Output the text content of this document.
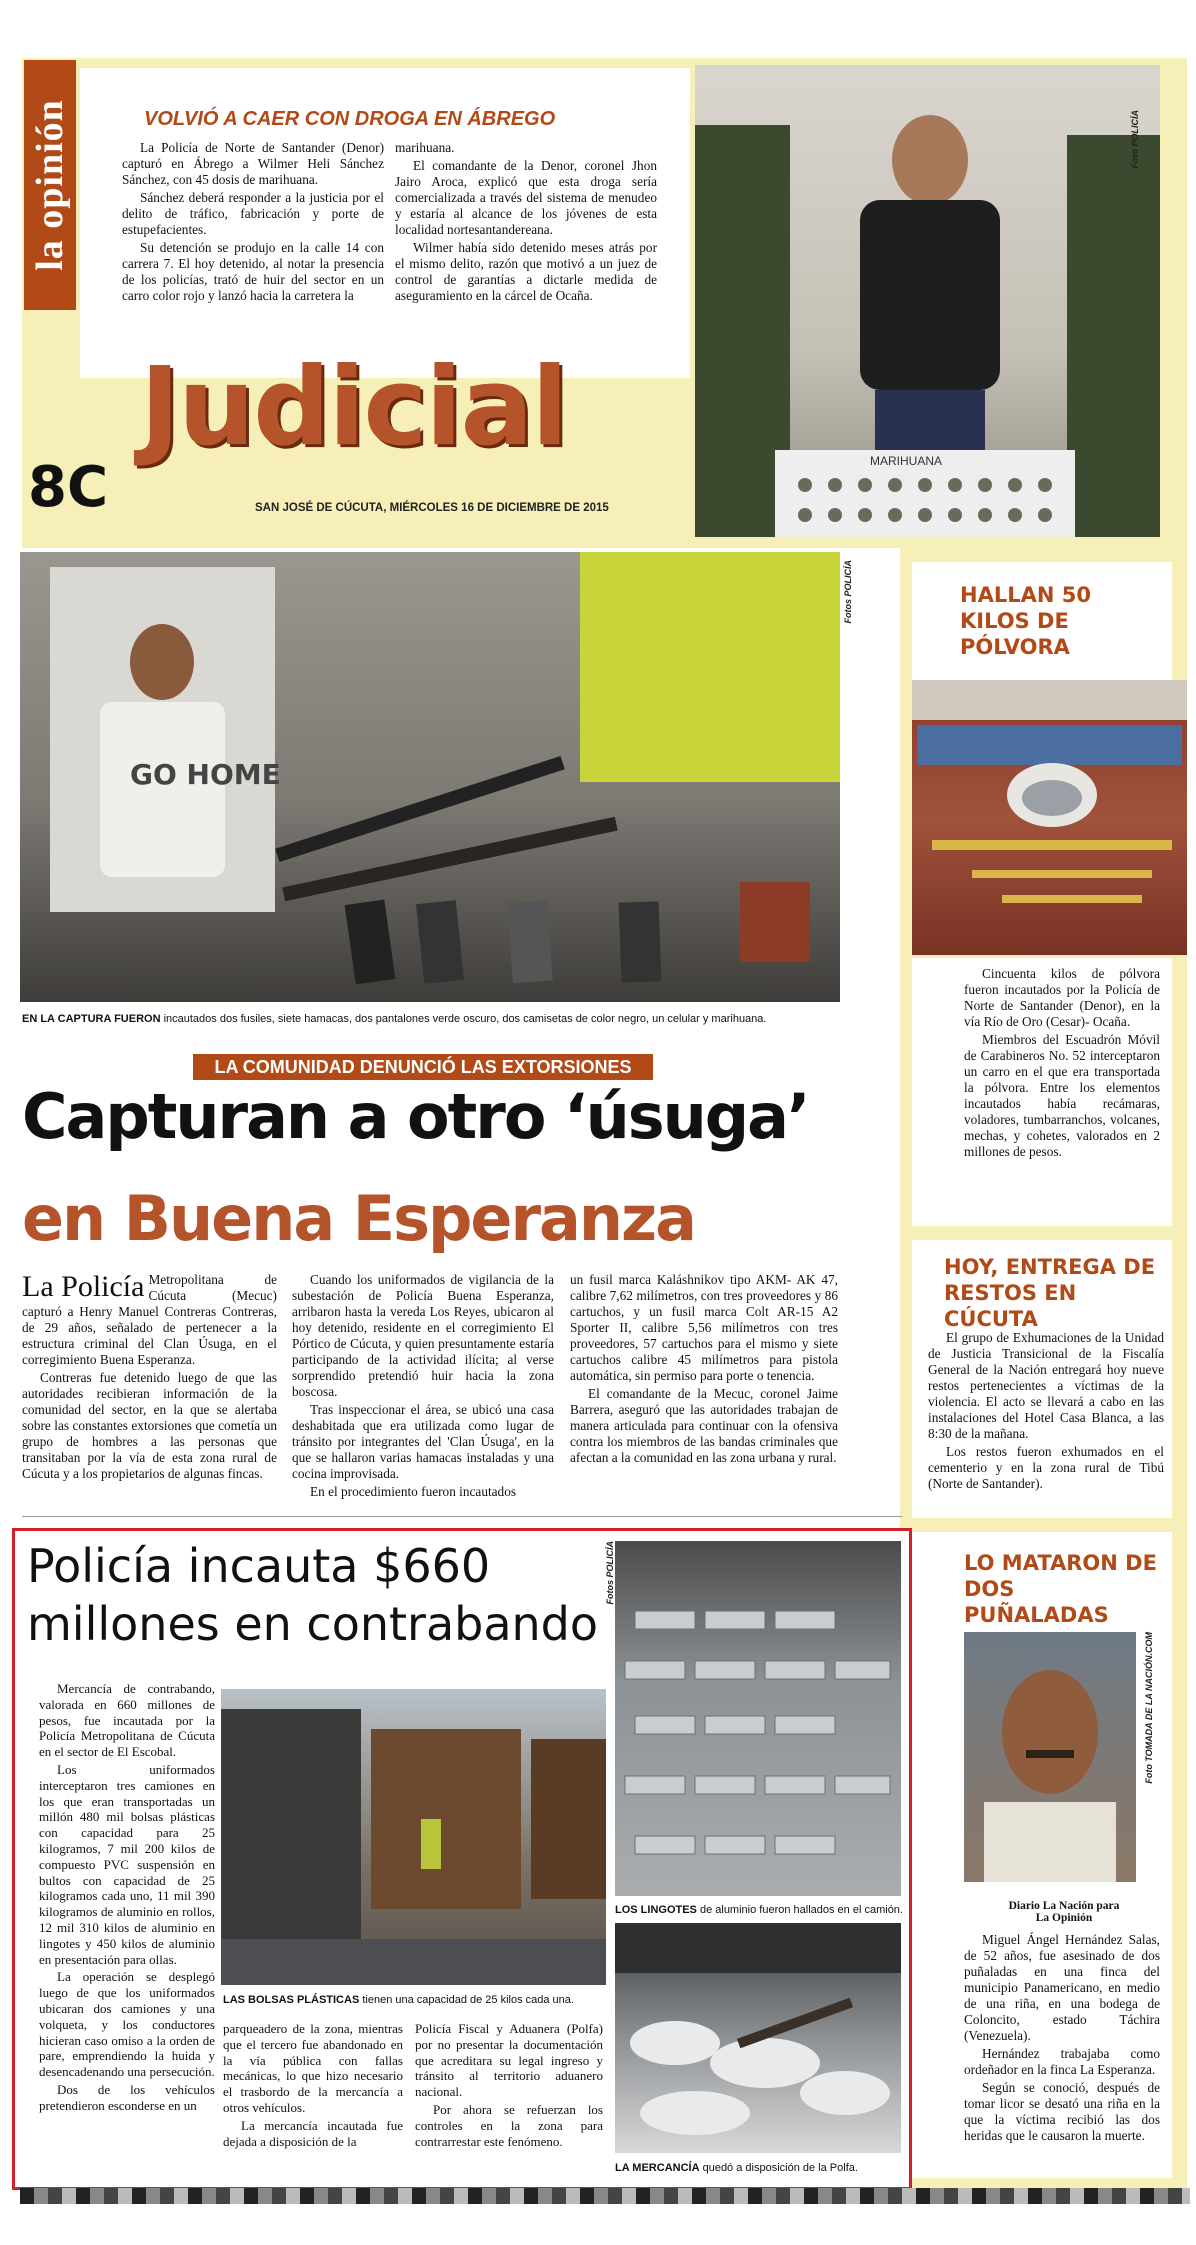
la opinión	VOLVIÓ A CAER CON DROGA EN ÁBREGO

La Policía de Norte de Santander (Denor) capturó en Ábrego a Wilmer Heli Sánchez Sánchez, con 45 dosis de marihuana.

Sánchez deberá responder a la justicia por el delito de tráfico, fabricación y porte de estupefacientes.

Su detención se produjo en la calle 14 con carrera 7. El hoy detenido, al notar la presencia de los policías, trató de huir del sector en un carro color rojo y lanzó hacia la carretera la

marihuana.

El comandante de la Denor, coronel Jhon Jairo Aroca, explicó que esta droga sería comercializada a través del sistema de menudeo y estaría al alcance de los jóvenes de esta localidad nortesantandereana.

Wilmer había sido detenido meses atrás por el mismo delito, razón que motivó a un juez de control de garantías a dictarle medida de aseguramiento en la cárcel de Ocaña.

MARIHUANA
Foto POLICÍA
Judicial
8C	SAN JOSÉ DE CÚCUTA, MIÉRCOLES 16 DE DICIEMBRE DE 2015
GO HOME
Fotos POLICÍA
EN LA CAPTURA FUERON incautados dos fusiles, siete hamacas, dos pantalones verde oscuro, dos camisetas de color negro, un celular y marihuana.
LA COMUNIDAD DENUNCIÓ LAS EXTORSIONES
Capturan a otro ‘úsuga’
en Buena Esperanza
La Policía Metropolitana de Cúcuta (Mecuc) capturó a Henry Manuel Contreras Contreras, de 29 años, señalado de pertenecer a la estructura criminal del Clan Úsuga, en el corregimiento Buena Esperanza.

Contreras fue detenido luego de que las autoridades recibieran información de la comunidad del sector, en la que se alertaba sobre las constantes extorsiones que cometía un grupo de hombres a las personas que transitaban por la vía de esta zona rural de Cúcuta y a los propietarios de algunas fincas.

Cuando los uniformados de vigilancia de la subestación de Policía Buena Esperanza, arribaron hasta la vereda Los Reyes, ubicaron al hoy detenido, residente en el corregimiento El Pórtico de Cúcuta, y quien presuntamente estaría participando de la actividad ilícita; al verse sorprendido pretendió huir hacia la zona boscosa.

Tras inspeccionar el área, se ubicó una casa deshabitada que era utilizada como lugar de tránsito por integrantes del 'Clan Úsuga', en la que se hallaron varias hamacas instaladas y una cocina improvisada.

En el procedimiento fueron incautados

un fusil marca Kaláshnikov tipo AKM- AK 47, calibre 7,62 milímetros, con tres proveedores y 86 cartuchos, y un fusil marca Colt AR-15 A2 Sporter II, calibre 5,56 milímetros con tres proveedores, 57 cartuchos para el mismo y siete cartuchos calibre 45 milímetros para pistola automática, sin permiso para porte o tenencia.

El comandante de la Mecuc, coronel Jaime Barrera, aseguró que las autoridades trabajan de manera articulada para continuar con la ofensiva contra los miembros de las bandas criminales que afectan a la comunidad en las zona urbana y rural.

HALLAN 50 KILOS DE PÓLVORA

Cincuenta kilos de pólvora fueron incautados por la Policía de Norte de Santander (Denor), en la vía Río de Oro (Cesar)- Ocaña.

Miembros del Escuadrón Móvil de Carabineros No. 52 interceptaron un carro en el que era transportada la pólvora. Entre los elementos incautados había recámaras, voladores, tumbarranchos, volcanes, mechas, y cohetes, valorados en 2 millones de pesos.

HOY, ENTREGA DE RESTOS EN CÚCUTA

El grupo de Exhumaciones de la Unidad de Justicia Transicional de la Fiscalía General de la Nación entregará hoy nueve restos pertenecientes a víctimas de la violencia. El acto se llevará a cabo en las instalaciones del Hotel Casa Blanca, a las 8:30 de la mañana.

Los restos fueron exhumados en el cementerio y en la zona rural de Tibú (Norte de Santander).

LO MATARON DE DOS PUÑALADAS
Foto TOMADA DE LA NACIÓN.COM
Diario La Nación para
La Opinión

Miguel Ángel Hernández Salas, de 52 años, fue asesinado de dos puñaladas en una finca del municipio Panamericano, en medio de una riña, en una bodega de Coloncito, estado Táchira (Venezuela).

Hernández trabajaba como ordeñador en la finca La Esperanza.

Según se conoció, después de tomar licor se desató una riña en la que la víctima recibió las dos heridas que le causaron la muerte.

Policía incauta $660
millones en contrabando
Fotos POLICÍA

Mercancía de contrabando, valorada en 660 millones de pesos, fue incautada por la Policía Metropolitana de Cúcuta en el sector de El Escobal.

Los uniformados interceptaron tres camiones en los que eran transportadas un millón 480 mil bolsas plásticas con capacidad para 25 kilogramos, 7 mil 200 kilos de compuesto PVC suspensión en bultos con capacidad de 25 kilogramos cada uno, 11 mil 390 kilogramos de aluminio en rollos, 12 mil 310 kilos de aluminio en lingotes y 450 kilos de aluminio en presentación para ollas.

La operación se desplegó luego de que los uniformados ubicaran dos camiones y una volqueta, y los conductores hicieran caso omiso a la orden de pare, emprendiendo la huida y desencadenando una persecución.

Dos de los vehículos pretendieron esconderse en un

LAS BOLSAS PLÁSTICAS tienen una capacidad de 25 kilos cada una.

parqueadero de la zona, mientras que el tercero fue abandonado en la vía pública con fallas mecánicas, lo que hizo necesario el trasbordo de la mercancía a otros vehículos.

La mercancía incautada fue dejada a disposición de la

Policía Fiscal y Aduanera (Polfa) por no presentar la documentación que acreditara su legal ingreso y tránsito al territorio aduanero nacional.

Por ahora se refuerzan los controles en la zona para contrarrestar este fenómeno.

LOS LINGOTES de aluminio fueron hallados en el camión.
LA MERCANCÍA quedó a disposición de la Polfa.
